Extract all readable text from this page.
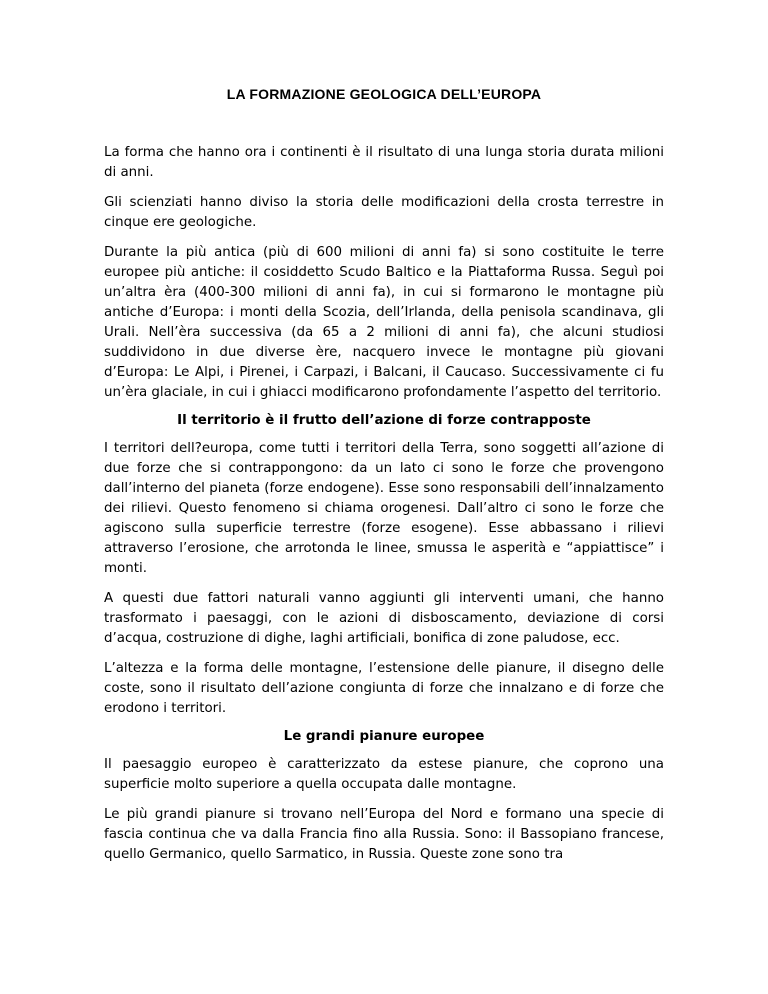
LA FORMAZIONE GEOLOGICA DELL’EUROPA

La forma che hanno ora i continenti è il risultato di una lunga storia durata milioni di anni.

Gli scienziati hanno diviso la storia delle modificazioni della crosta terrestre in cinque ere geologiche.

Durante la più antica (più di 600 milioni di anni fa) si sono costituite le terre europee più antiche: il cosiddetto Scudo Baltico e la Piattaforma Russa. Seguì poi un’altra èra (400-300 milioni di anni fa), in cui si formarono le montagne più antiche d’Europa: i monti della Scozia, dell’Irlanda, della penisola scandinava, gli Urali. Nell’èra successiva (da 65 a 2 milioni di anni fa), che alcuni studiosi suddividono in due diverse ère, nacquero invece le montagne più giovani d’Europa: Le Alpi, i Pirenei, i Carpazi, i Balcani, il Caucaso. Successivamente ci fu un’èra glaciale, in cui i ghiacci modificarono profondamente l’aspetto del territorio.

Il territorio è il frutto dell’azione di forze contrapposte

I territori dell?europa, come tutti i territori della Terra, sono soggetti all’azione di due forze che si contrappongono: da un lato ci sono le forze che provengono dall’interno del pianeta (forze endogene). Esse sono responsabili dell’innalzamento dei rilievi. Questo fenomeno si chiama orogenesi. Dall’altro ci sono le forze che agiscono sulla superficie terrestre (forze esogene). Esse abbassano i rilievi attraverso l’erosione, che arrotonda le linee, smussa le asperità e “appiattisce” i monti.

A questi due fattori naturali vanno aggiunti gli interventi umani, che hanno trasformato i paesaggi, con le azioni di disboscamento, deviazione di corsi d’acqua, costruzione di dighe, laghi artificiali, bonifica di zone paludose, ecc.

L’altezza e la forma delle montagne, l’estensione delle pianure, il disegno delle coste, sono il risultato dell’azione congiunta di forze che innalzano e di forze che erodono i territori.

Le grandi pianure europee

Il paesaggio europeo è caratterizzato da estese pianure, che coprono una superficie molto superiore a quella occupata dalle montagne.

Le più grandi pianure si trovano nell’Europa del Nord e formano una specie di fascia continua che va dalla Francia fino alla Russia. Sono: il Bassopiano francese, quello Germanico, quello Sarmatico, in Russia. Queste zone sono tra
